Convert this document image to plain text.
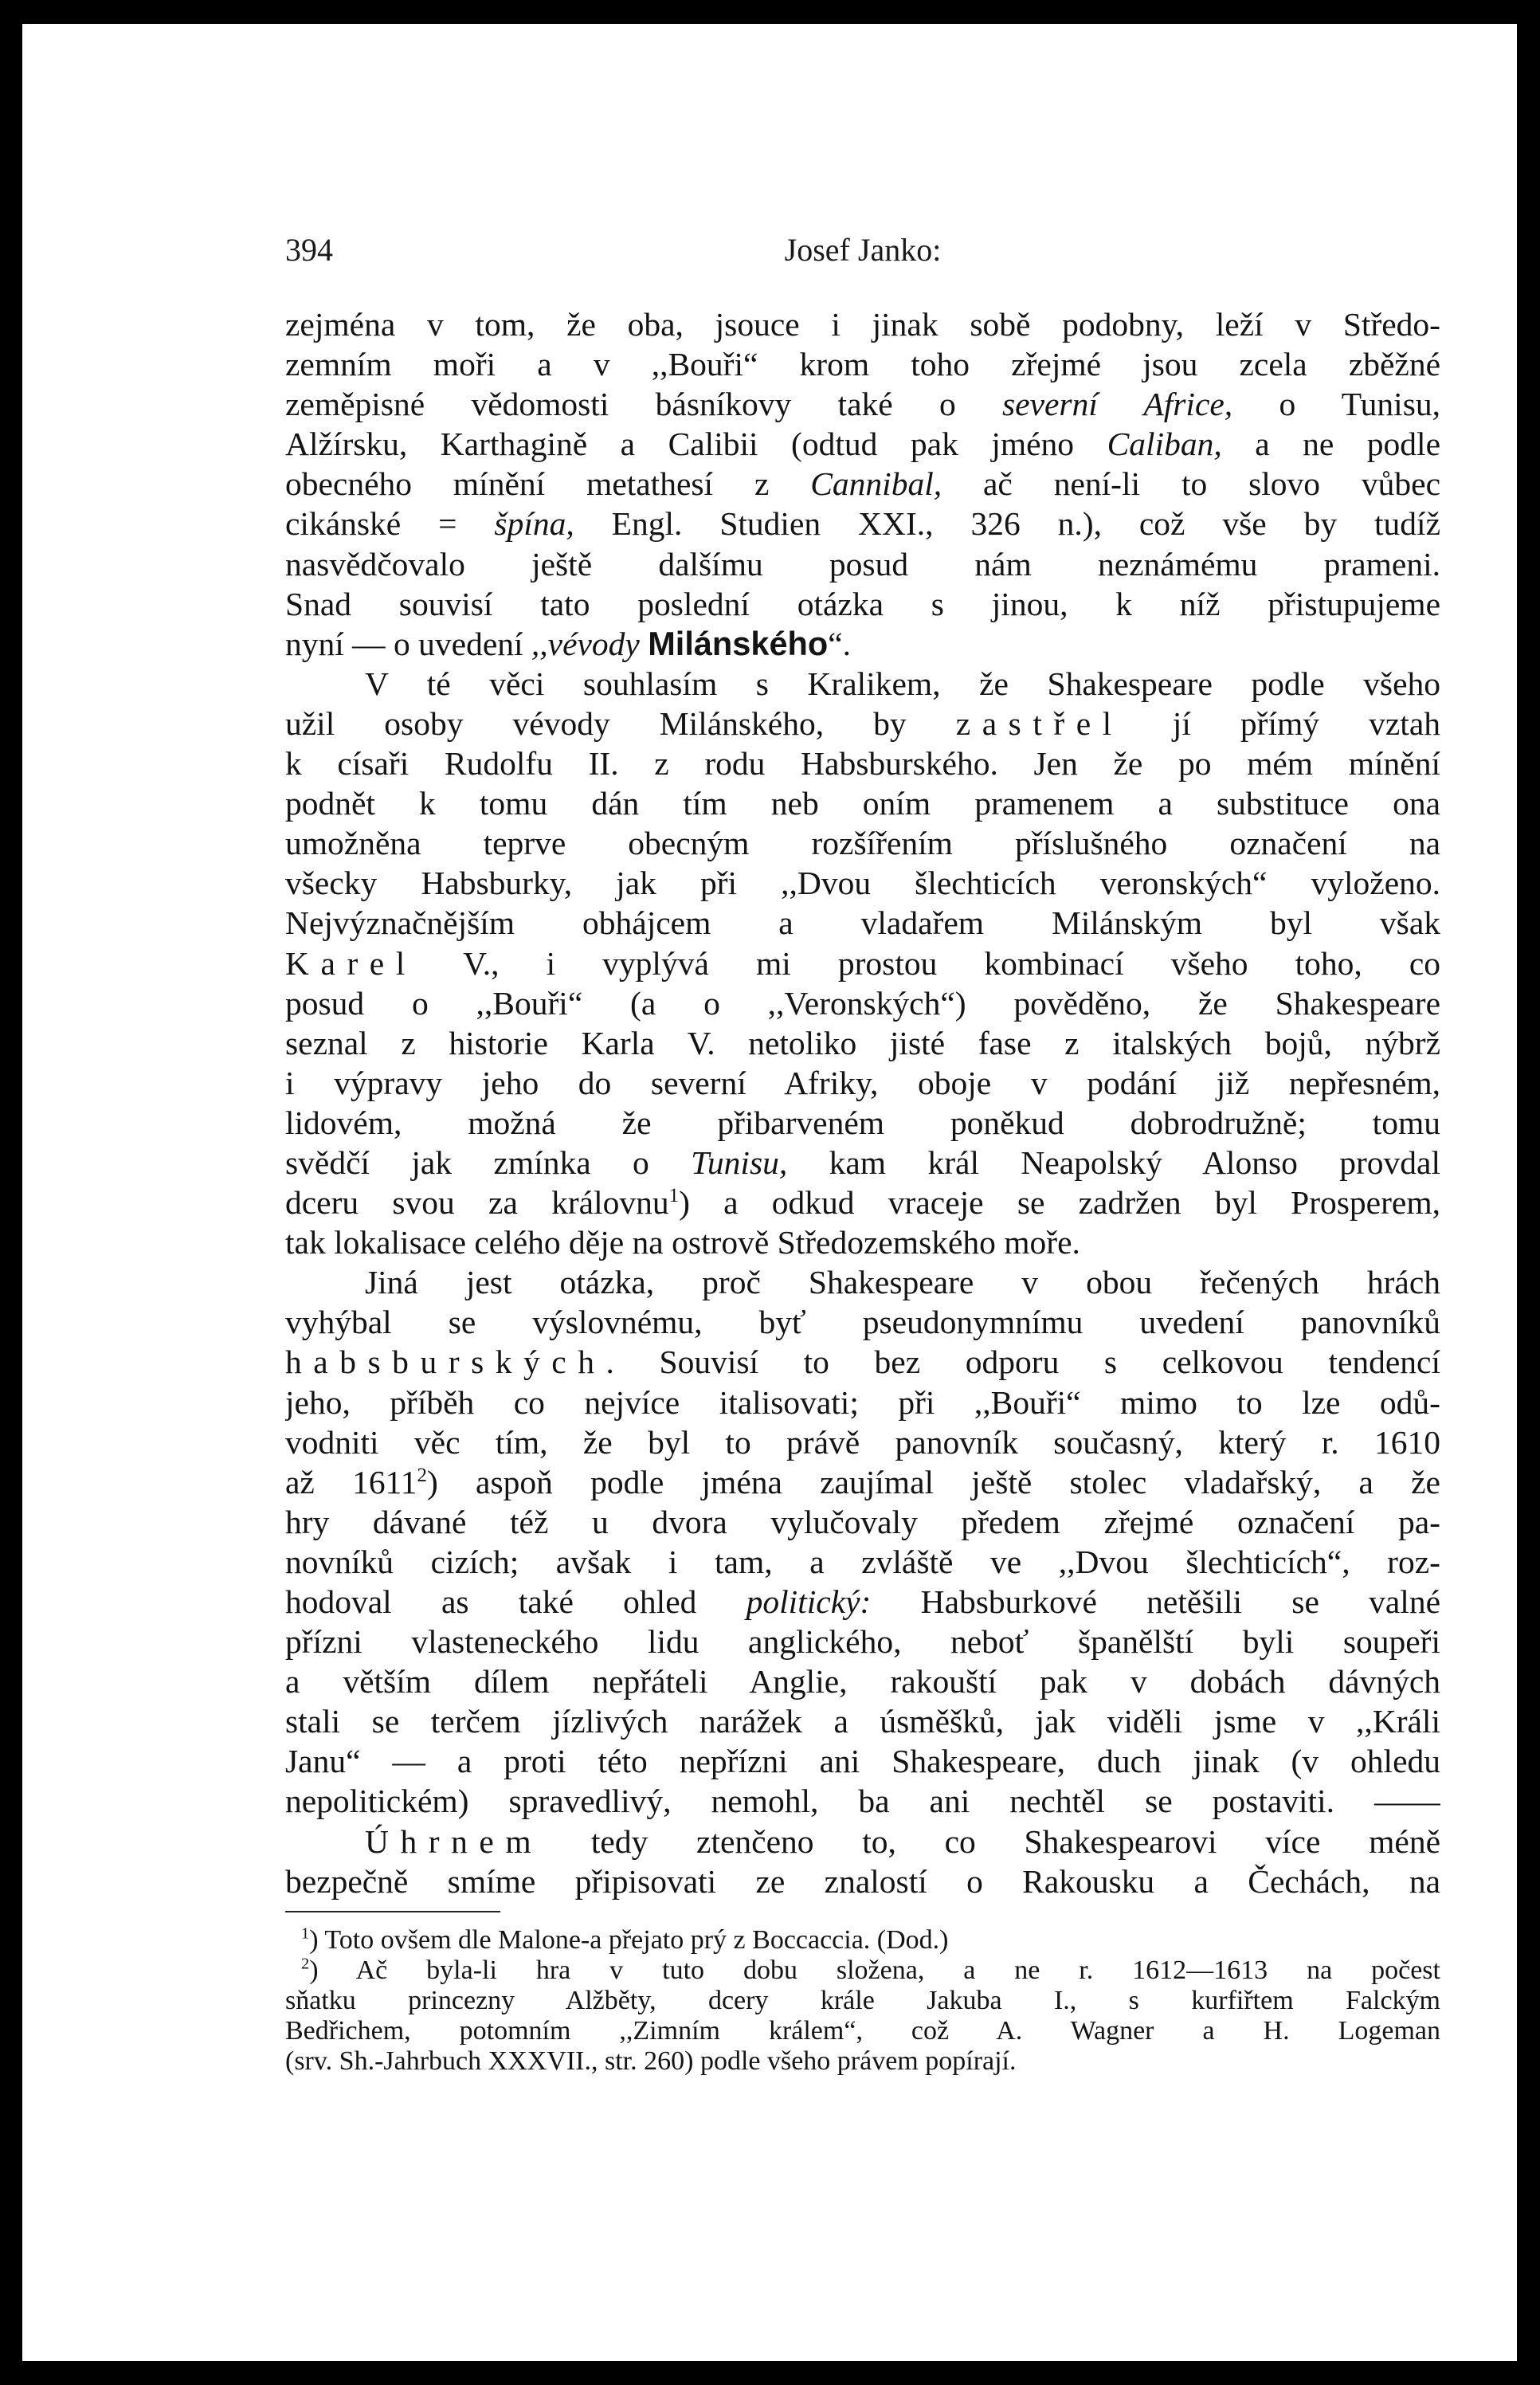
394	Josef Janko:
zejména v tom, že oba, jsouce i jinak sobě podobny, leží v Středo-
zemním moři a v ,,Bouři“ krom toho zřejmé jsou zcela zběžné
zeměpisné vědomosti básníkovy také o severní Africe, o Tunisu,
Alžírsku, Karthagině a Calibii (odtud pak jméno Caliban, a ne podle
obecného mínění metathesí z Cannibal, ač není-li to slovo vůbec
cikánské = špína, Engl. Studien XXI., 326 n.), což vše by tudíž
nasvědčovalo ještě dalšímu posud nám neznámému prameni.
Snad souvisí tato poslední otázka s jinou, k níž přistupujeme
nyní — o uvedení ,,vévody Milánského“.
V té věci souhlasím s Kralikem, že Shakespeare podle všeho
užil osoby vévody Milánského, by zastřel jí přímý vztah
k císaři Rudolfu II. z rodu Habsburského. Jen že po mém mínění
podnět k tomu dán tím neb oním pramenem a substituce ona
umožněna teprve obecným rozšířením příslušného označení na
všecky Habsburky, jak při ,,Dvou šlechticích veronských“ vyloženo.
Nejvýznačnějším obhájcem a vladařem Milánským byl však
Karel V., i vyplývá mi prostou kombinací všeho toho, co
posud o ,,Bouři“ (a o ,,Veronských“) pověděno, že Shakespeare
seznal z historie Karla V. netoliko jisté fase z italských bojů, nýbrž
i výpravy jeho do severní Afriky, oboje v podání již nepřesném,
lidovém, možná že přibarveném poněkud dobrodružně; tomu
svědčí jak zmínka o Tunisu, kam král Neapolský Alonso provdal
dceru svou za královnu$^1$) a odkud vraceje se zadržen byl Prosperem,
tak lokalisace celého děje na ostrově Středozemského moře.
Jiná jest otázka, proč Shakespeare v obou řečených hrách
vyhýbal se výslovnému, byť pseudonymnímu uvedení panovníků
habsburských. Souvisí to bez odporu s celkovou tendencí
jeho, příběh co nejvíce italisovati; při ,,Bouři“ mimo to lze odů-
vodniti věc tím, že byl to právě panovník současný, který r. 1610
až 1611$^2$) aspoň podle jména zaujímal ještě stolec vladařský, a že
hry dávané též u dvora vylučovaly předem zřejmé označení pa-
novníků cizích; avšak i tam, a zvláště ve ,,Dvou šlechticích“, roz-
hodoval as také ohled politický: Habsburkové netěšili se valné
přízni vlasteneckého lidu anglického, neboť španělští byli soupeři
a větším dílem nepřáteli Anglie, rakouští pak v dobách dávných
stali se terčem jízlivých narážek a úsměšků, jak viděli jsme v ,,Králi
Janu“ — a proti této nepřízni ani Shakespeare, duch jinak (v ohledu
nepolitickém) spravedlivý, nemohl, ba ani nechtěl se postaviti. ——
Úhrnem tedy ztenčeno to, co Shakespearovi více méně
bezpečně smíme připisovati ze znalostí o Rakousku a Čechách, na
$^1$) Toto ovšem dle Malone-a přejato prý z Boccaccia. (Dod.)
$^2$) Ač byla-li hra v tuto dobu složena, a ne r. 1612—1613 na počest
sňatku princezny Alžběty, dcery krále Jakuba I., s kurfiřtem Falckým
Bedřichem, potomním ,,Zimním králem“, což A. Wagner a H. Logeman
(srv. Sh.-Jahrbuch XXXVII., str. 260) podle všeho právem popírají.
